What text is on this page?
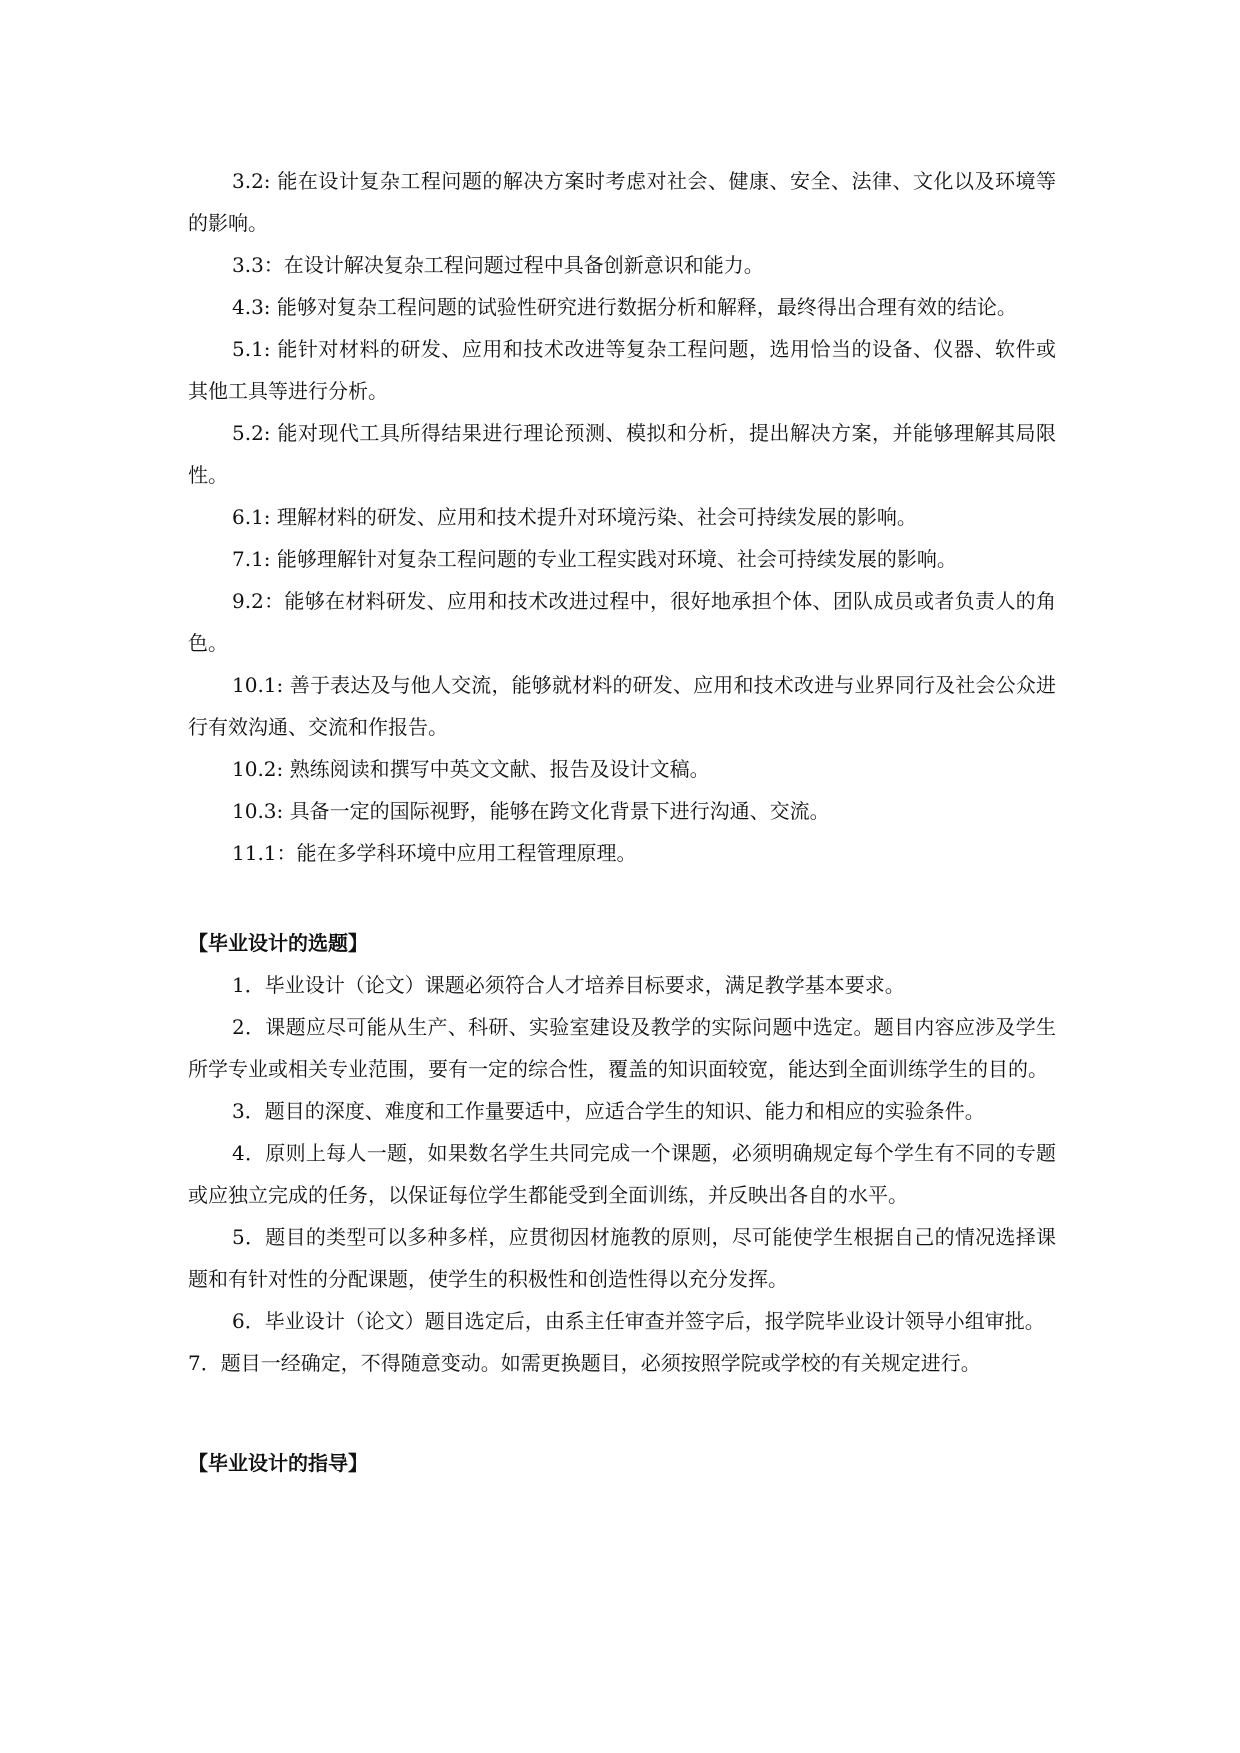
3.2: 能在设计复杂工程问题的解决方案时考虑对社会、健康、安全、法律、文化以及环境等的影响。

3.3：在设计解决复杂工程问题过程中具备创新意识和能力。

4.3: 能够对复杂工程问题的试验性研究进行数据分析和解释，最终得出合理有效的结论。

5.1: 能针对材料的研发、应用和技术改进等复杂工程问题，选用恰当的设备、仪器、软件或其他工具等进行分析。

5.2: 能对现代工具所得结果进行理论预测、模拟和分析，提出解决方案，并能够理解其局限性。

6.1: 理解材料的研发、应用和技术提升对环境污染、社会可持续发展的影响。

7.1: 能够理解针对复杂工程问题的专业工程实践对环境、社会可持续发展的影响。

9.2：能够在材料研发、应用和技术改进过程中，很好地承担个体、团队成员或者负责人的角色。

10.1: 善于表达及与他人交流，能够就材料的研发、应用和技术改进与业界同行及社会公众进行有效沟通、交流和作报告。

10.2: 熟练阅读和撰写中英文文献、报告及设计文稿。

10.3: 具备一定的国际视野，能够在跨文化背景下进行沟通、交流。

11.1：能在多学科环境中应用工程管理原理。

【毕业设计的选题】

1．毕业设计（论文）课题必须符合人才培养目标要求，满足教学基本要求。

2．课题应尽可能从生产、科研、实验室建设及教学的实际问题中选定。题目内容应涉及学生所学专业或相关专业范围，要有一定的综合性，覆盖的知识面较宽，能达到全面训练学生的目的。

3．题目的深度、难度和工作量要适中，应适合学生的知识、能力和相应的实验条件。

4．原则上每人一题，如果数名学生共同完成一个课题，必须明确规定每个学生有不同的专题或应独立完成的任务，以保证每位学生都能受到全面训练，并反映出各自的水平。

5．题目的类型可以多种多样，应贯彻因材施教的原则，尽可能使学生根据自己的情况选择课题和有针对性的分配课题，使学生的积极性和创造性得以充分发挥。

6．毕业设计（论文）题目选定后，由系主任审查并签字后，报学院毕业设计领导小组审批。

7．题目一经确定，不得随意变动。如需更换题目，必须按照学院或学校的有关规定进行。

【毕业设计的指导】
